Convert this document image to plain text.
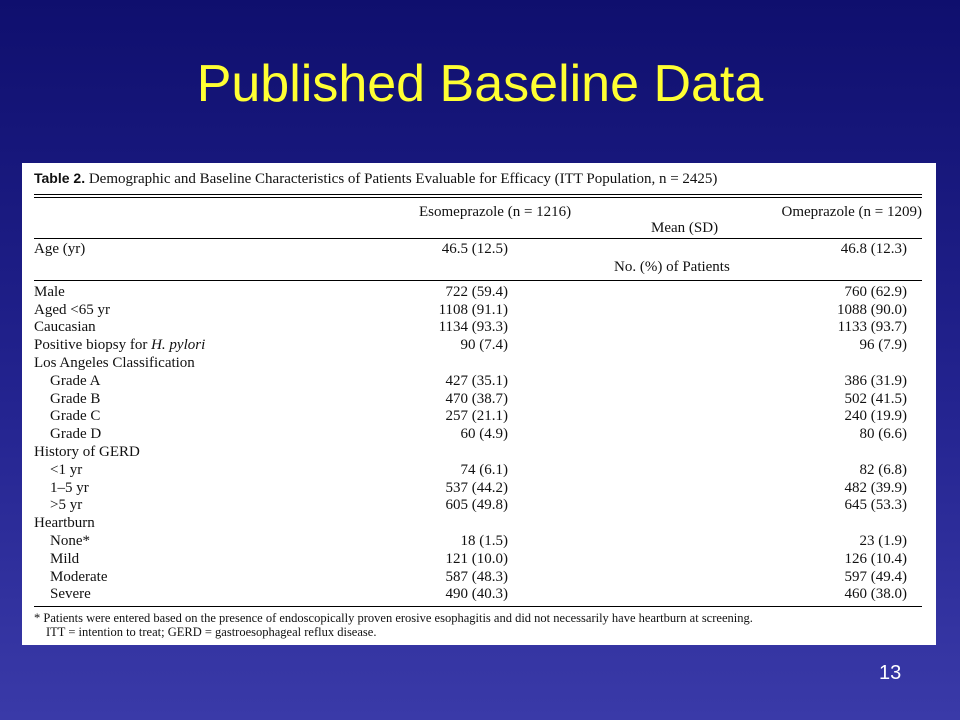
Published Baseline Data
Table 2. Demographic and Baseline Characteristics of Patients Evaluable for Efficacy (ITT Population, n = 2425)
Esomeprazole (n = 1216)	Omeprazole (n = 1209)
Mean (SD)
Age (yr)	46.5 (12.5)	46.8 (12.3)
No. (%) of Patients
Male	722 (59.4)	760 (62.9)
Aged <65 yr	1108 (91.1)	1088 (90.0)
Caucasian	1134 (93.3)	1133 (93.7)
Positive biopsy for H. pylori	90 (7.4)	96 (7.9)
Los Angeles Classification
Grade A	427 (35.1)	386 (31.9)
Grade B	470 (38.7)	502 (41.5)
Grade C	257 (21.1)	240 (19.9)
Grade D	60 (4.9)	80 (6.6)
History of GERD
<1 yr	74 (6.1)	82 (6.8)
1–5 yr	537 (44.2)	482 (39.9)
>5 yr	605 (49.8)	645 (53.3)
Heartburn
None*	18 (1.5)	23 (1.9)
Mild	121 (10.0)	126 (10.4)
Moderate	587 (48.3)	597 (49.4)
Severe	490 (40.3)	460 (38.0)
* Patients were entered based on the presence of endoscopically proven erosive esophagitis and did not necessarily have heartburn at screening.
ITT = intention to treat; GERD = gastroesophageal reflux disease.
13
